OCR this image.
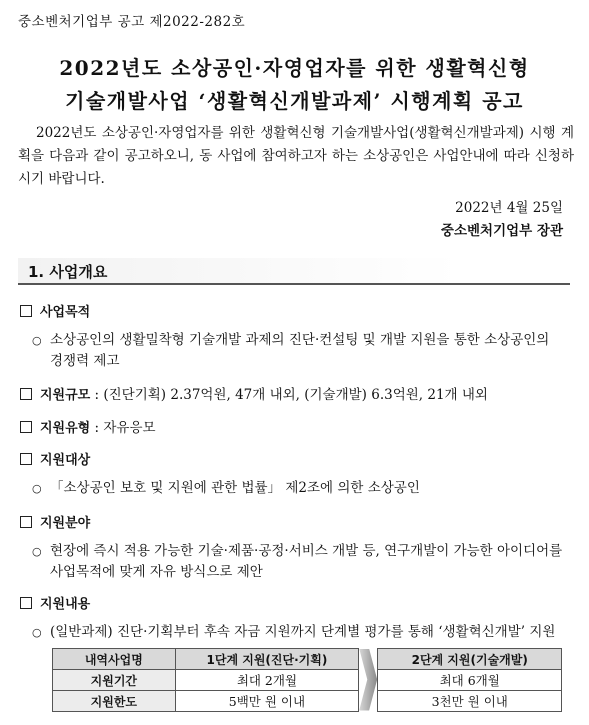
중소벤처기업부 공고 제2022-282호
2022년도 소상공인·자영업자를 위한 생활혁신형
기술개발사업 ‘생활혁신개발과제’ 시행계획 공고
2022년도 소상공인·자영업자를 위한 생활혁신형 기술개발사업(생활혁신개발과제) 시행 계획을 다음과 같이 공고하오니, 동 사업에 참여하고자 하는 소상공인은 사업안내에 따라 신청하시기 바랍니다.
2022년 4월 25일
중소벤처기업부 장관
1. 사업개요
사업목적
○ 소상공인의 생활밀착형 기술개발 과제의 진단·컨설팅 및 개발 지원을 통한 소상공인의 경쟁력 제고
지원규모 : (진단기획) 2.37억원, 47개 내외, (기술개발) 6.3억원, 21개 내외
지원유형 : 자유응모
지원대상
○ 「소상공인 보호 및 지원에 관한 법률」 제2조에 의한 소상공인
지원분야
○ 현장에 즉시 적용 가능한 기술·제품·공정·서비스 개발 등, 연구개발이 가능한 아이디어를 사업목적에 맞게 자유 방식으로 제안
지원내용
○ (일반과제) 진단·기획부터 후속 자금 지원까지 단계별 평가를 통해 ‘생활혁신개발’ 지원
내역사업명	1단계 지원(진단·기획)		2단계 지원(기술개발)
지원기간	최대 2개월		최대 6개월
지원한도	5백만 원 이내		3천만 원 이내
